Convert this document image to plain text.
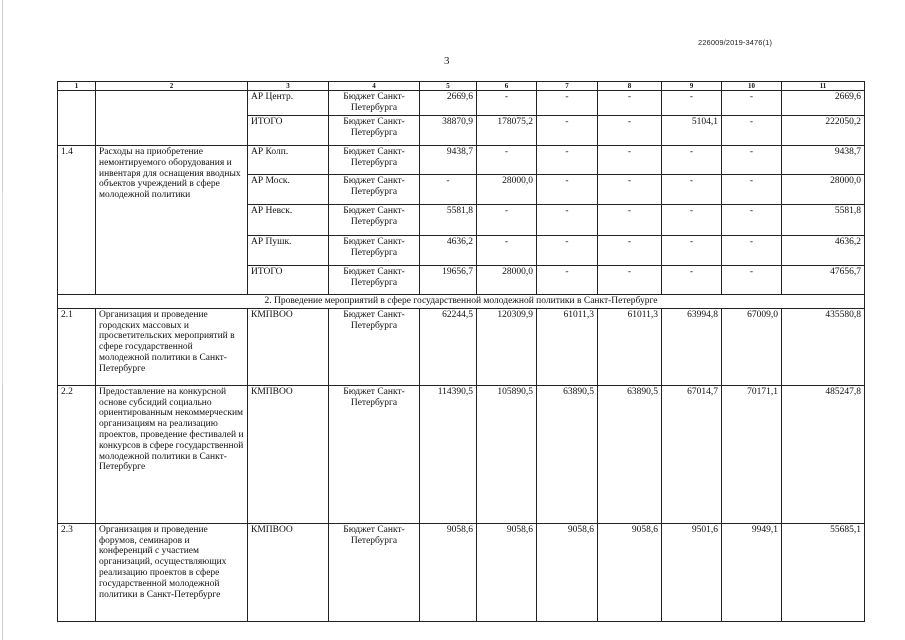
226009/2019-3476(1)
3
1	2	3	4	5	6	7	8	9	10	11
		АР Центр.	Бюджет Санкт-Петербурга	2669,6	-	-	-	-	-	2669,6
		ИТОГО	Бюджет Санкт-Петербурга	38870,9	178075,2	-	-	5104,1	-	222050,2
1.4	Расходы на приобретение немонтируемого оборудования и инвентаря для оснащения вводных объектов учреждений в сфере молодежной политики	АР Колп.	Бюджет Санкт-Петербурга	9438,7	-	-	-	-	-	9438,7
		АР Моск.	Бюджет Санкт-Петербурга	-	28000,0	-	-	-	-	28000,0
		АР Невск.	Бюджет Санкт-Петербурга	5581,8	-	-	-	-	-	5581,8
		АР Пушк.	Бюджет Санкт-Петербурга	4636,2	-	-	-	-	-	4636,2
		ИТОГО	Бюджет Санкт-Петербурга	19656,7	28000,0	-	-	-	-	47656,7
2. Проведение мероприятий в сфере государственной молодежной политики в Санкт-Петербурге										
2.1	Организация и проведение городских массовых и просветительских мероприятий в сфере государственной молодежной политики в Санкт-Петербурге	КМПВОО	Бюджет Санкт-Петербурга	62244,5	120309,9	61011,3	61011,3	63994,8	67009,0	435580,8
2.2	Предоставление на конкурсной основе субсидий социально ориентированным некоммерческим организациям на реализацию проектов, проведение фестивалей и конкурсов в сфере государственной молодежной политики в Санкт-Петербурге	КМПВОО	Бюджет Санкт-Петербурга	114390,5	105890,5	63890,5	63890,5	67014,7	70171,1	485247,8
2.3	Организация и проведение форумов, семинаров и конференций с участием организаций, осуществляющих реализацию проектов в сфере государственной молодежной политики в Санкт-Петербурге	КМПВОО	Бюджет Санкт-Петербурга	9058,6	9058,6	9058,6	9058,6	9501,6	9949,1	55685,1
